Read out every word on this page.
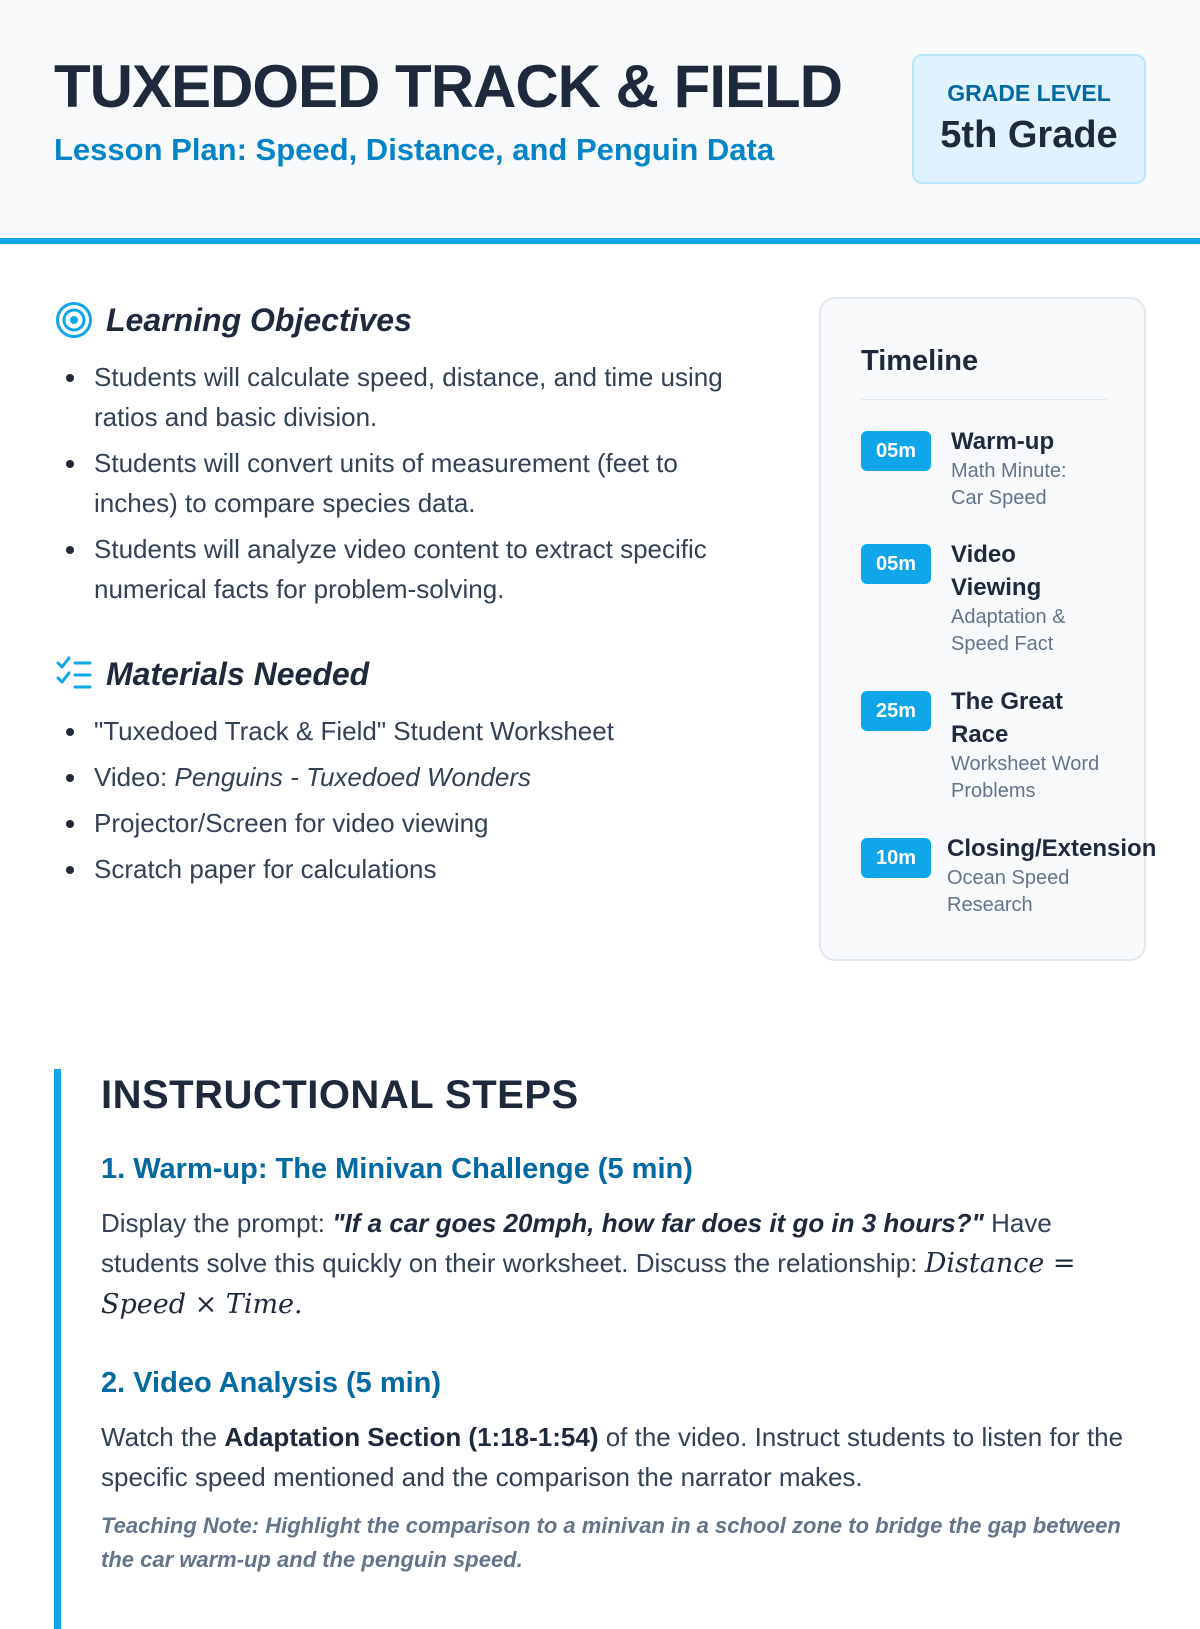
TUXEDOED TRACK & FIELD
Lesson Plan: Speed, Distance, and Penguin Data
GRADE LEVEL
5th Grade
Learning Objectives
Students will calculate speed, distance, and time using ratios and basic division.
Students will convert units of measurement (feet to inches) to compare species data.
Students will analyze video content to extract specific numerical facts for problem-solving.
Materials Needed
"Tuxedoed Track & Field" Student Worksheet
Video: Penguins - Tuxedoed Wonders
Projector/Screen for video viewing
Scratch paper for calculations
Timeline
05m	Warm-up
Math Minute: Car Speed
05m	Video Viewing
Adaptation & Speed Fact
25m	The Great Race
Worksheet Word Problems
10m	Closing/Extension
Ocean Speed Research
INSTRUCTIONAL STEPS
1. Warm-up: The Minivan Challenge (5 min)

Display the prompt: "If a car goes 20mph, how far does it go in 3 hours?" Have students solve this quickly on their worksheet. Discuss the relationship: Distance = Speed × Time.

2. Video Analysis (5 min)

Watch the Adaptation Section (1:18-1:54) of the video. Instruct students to listen for the specific speed mentioned and the comparison the narrator makes.

Teaching Note: Highlight the comparison to a minivan in a school zone to bridge the gap between the car warm-up and the penguin speed.
